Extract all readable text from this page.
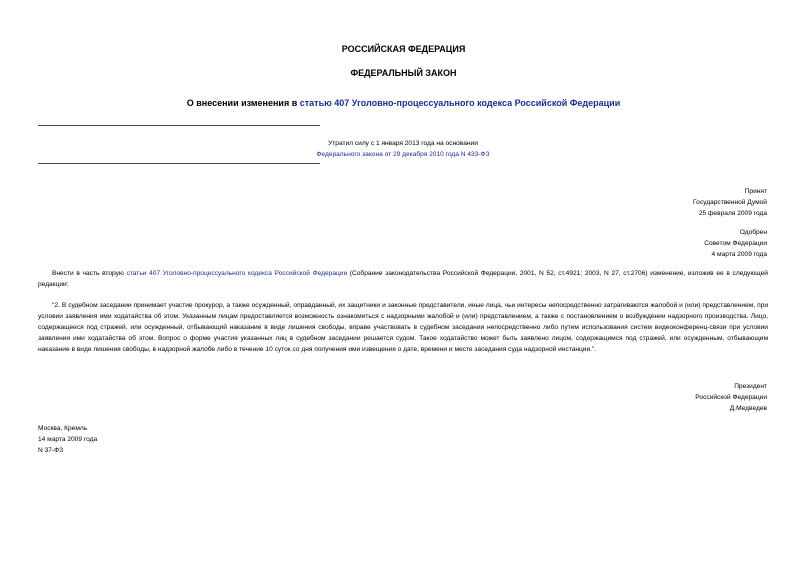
РОССИЙСКАЯ ФЕДЕРАЦИЯ
ФЕДЕРАЛЬНЫЙ ЗАКОН
О внесении изменения в статью 407 Уголовно-процессуального кодекса Российской Федерации
Утратил силу с 1 января 2013 года на основании
Федерального закона от 29 декабря 2010 года N 433-ФЗ
Принят
Государственной Думой
25 февраля 2009 года
Одобрен
Советом Федерации
4 марта 2009 года
Внести в часть вторую статьи 407 Уголовно-процессуального кодекса Российской Федерации (Собрание законодательства Российской Федерации, 2001, N 52, ст.4921; 2003, N 27, ст.2706) изменение, изложив ее в следующей редакции:
"2. В судебном заседании принимает участие прокурор, а также осужденный, оправданный, их защитники и законные представители, иные лица, чьи интересы непосредственно затрагиваются жалобой и (или) представлением, при условии заявления ими ходатайства об этом. Указанным лицам предоставляется возможность ознакомиться с надзорными жалобой и (или) представлением, а также с постановлением о возбуждении надзорного производства. Лицо, содержащееся под стражей, или осужденный, отбывающий наказание в виде лишения свободы, вправе участвовать в судебном заседании непосредственно либо путем использования систем видеоконференц-связи при условии заявления ими ходатайства об этом. Вопрос о форме участия указанных лиц в судебном заседании решается судом. Такое ходатайство может быть заявлено лицом, содержащимся под стражей, или осужденным, отбывающим наказание в виде лишения свободы, в надзорной жалобе либо в течение 10 суток со дня получения ими извещения о дате, времени и месте заседания суда надзорной инстанции.".
Президент
Российской Федерации
Д.Медведев
Москва, Кремль
14 марта 2009 года
N 37-ФЗ
